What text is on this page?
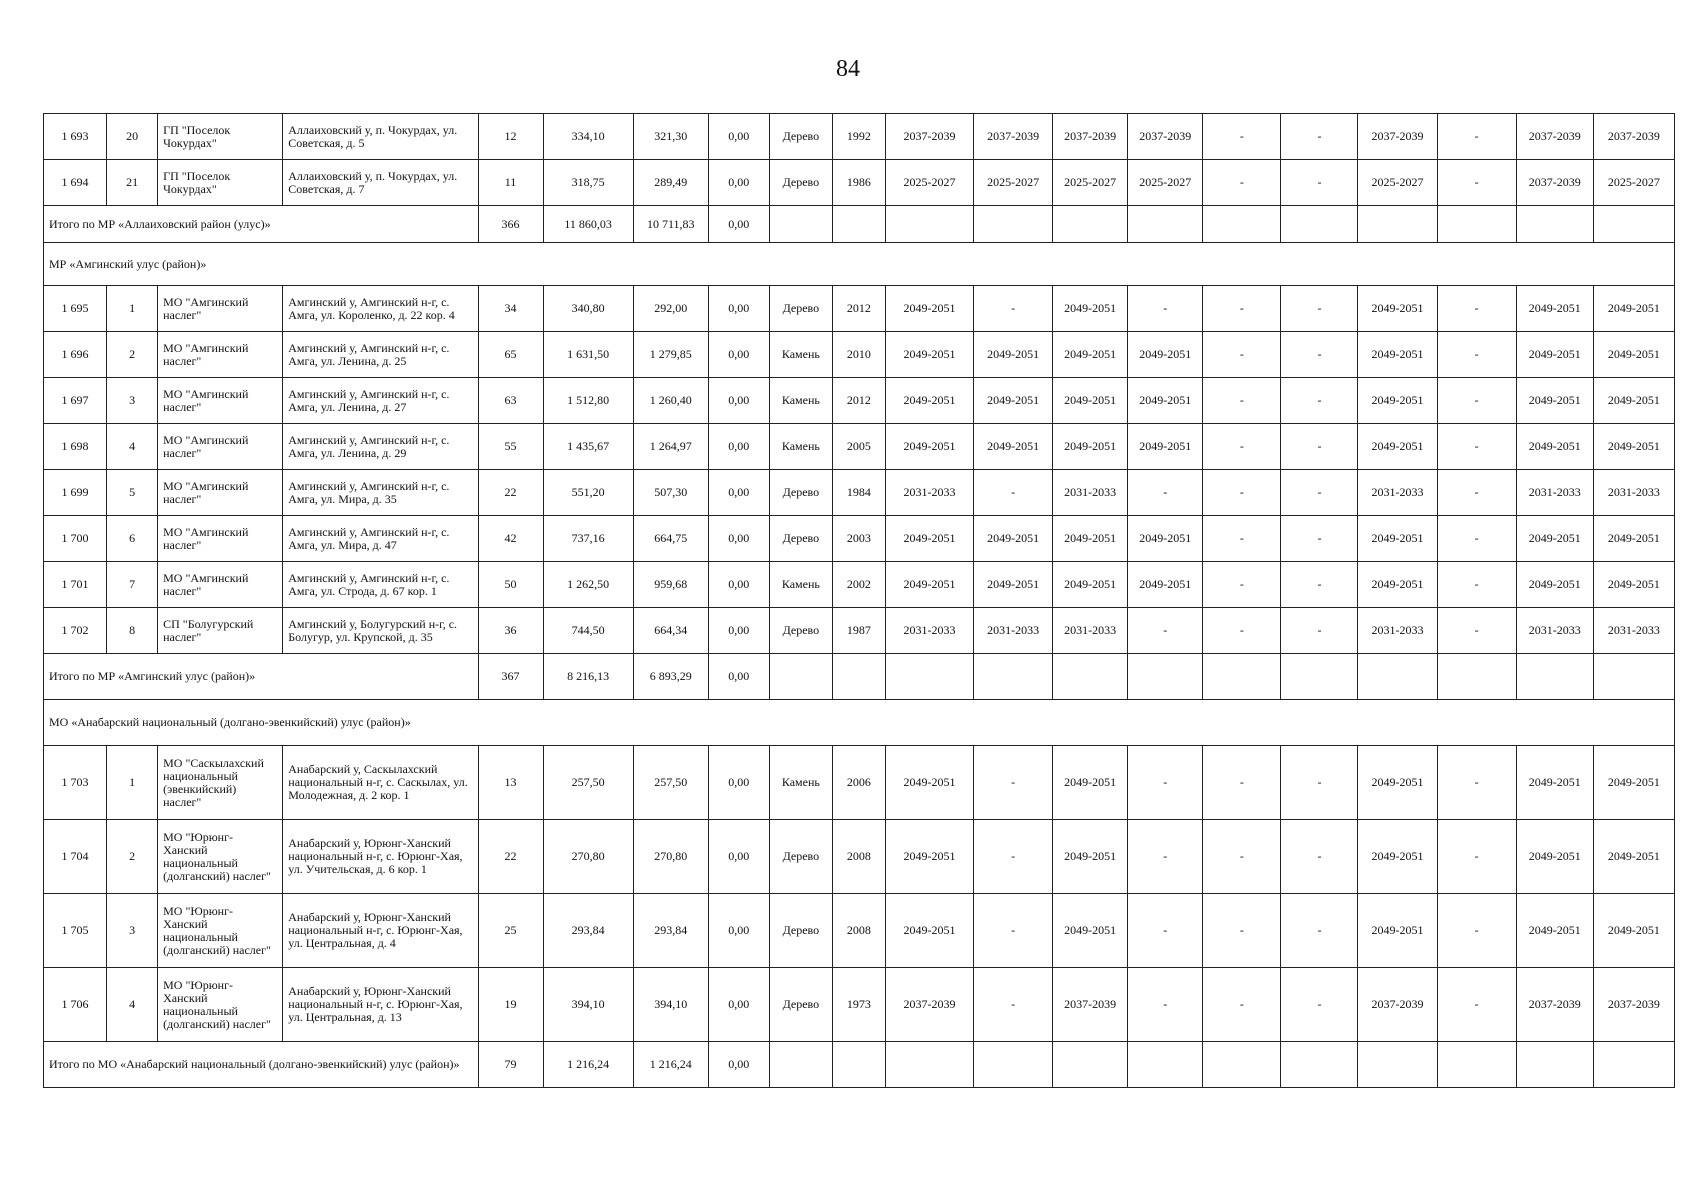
84
1 693	20	ГП "Поселок Чокурдах"	Аллаиховский у, п. Чокурдах, ул. Советская, д. 5	12	334,10	321,30	0,00	Дерево	1992	2037-2039	2037-2039	2037-2039	2037-2039	-	-	2037-2039	-	2037-2039	2037-2039
1 694	21	ГП "Поселок Чокурдах"	Аллаиховский у, п. Чокурдах, ул. Советская, д. 7	11	318,75	289,49	0,00	Дерево	1986	2025-2027	2025-2027	2025-2027	2025-2027	-	-	2025-2027	-	2037-2039	2025-2027
Итого по МР «Аллаиховский район (улус)»				366	11 860,03	10 711,83	0,00												
МР «Амгинский улус (район)»																			
1 695	1	МО "Амгинский наслег"	Амгинский у, Амгинский н-г, с. Амга, ул. Короленко, д. 22 кор. 4	34	340,80	292,00	0,00	Дерево	2012	2049-2051	-	2049-2051	-	-	-	2049-2051	-	2049-2051	2049-2051
1 696	2	МО "Амгинский наслег"	Амгинский у, Амгинский н-г, с. Амга, ул. Ленина, д. 25	65	1 631,50	1 279,85	0,00	Камень	2010	2049-2051	2049-2051	2049-2051	2049-2051	-	-	2049-2051	-	2049-2051	2049-2051
1 697	3	МО "Амгинский наслег"	Амгинский у, Амгинский н-г, с. Амга, ул. Ленина, д. 27	63	1 512,80	1 260,40	0,00	Камень	2012	2049-2051	2049-2051	2049-2051	2049-2051	-	-	2049-2051	-	2049-2051	2049-2051
1 698	4	МО "Амгинский наслег"	Амгинский у, Амгинский н-г, с. Амга, ул. Ленина, д. 29	55	1 435,67	1 264,97	0,00	Камень	2005	2049-2051	2049-2051	2049-2051	2049-2051	-	-	2049-2051	-	2049-2051	2049-2051
1 699	5	МО "Амгинский наслег"	Амгинский у, Амгинский н-г, с. Амга, ул. Мира, д. 35	22	551,20	507,30	0,00	Дерево	1984	2031-2033	-	2031-2033	-	-	-	2031-2033	-	2031-2033	2031-2033
1 700	6	МО "Амгинский наслег"	Амгинский у, Амгинский н-г, с. Амга, ул. Мира, д. 47	42	737,16	664,75	0,00	Дерево	2003	2049-2051	2049-2051	2049-2051	2049-2051	-	-	2049-2051	-	2049-2051	2049-2051
1 701	7	МО "Амгинский наслег"	Амгинский у, Амгинский н-г, с. Амга, ул. Строда, д. 67 кор. 1	50	1 262,50	959,68	0,00	Камень	2002	2049-2051	2049-2051	2049-2051	2049-2051	-	-	2049-2051	-	2049-2051	2049-2051
1 702	8	СП "Болугурский наслег"	Амгинский у, Болугурский н-г, с. Болугур, ул. Крупской, д. 35	36	744,50	664,34	0,00	Дерево	1987	2031-2033	2031-2033	2031-2033	-	-	-	2031-2033	-	2031-2033	2031-2033
Итого по МР «Амгинский улус (район)»				367	8 216,13	6 893,29	0,00												
МО «Анабарский национальный (долгано-эвенкийский) улус (район)»																			
1 703	1	МО "Саскылахский национальный (эвенкийский) наслег"	Анабарский у, Саскылахский национальный н-г, с. Саскылах, ул. Молодежная, д. 2 кор. 1	13	257,50	257,50	0,00	Камень	2006	2049-2051	-	2049-2051	-	-	-	2049-2051	-	2049-2051	2049-2051
1 704	2	МО "Юрюнг-Ханский национальный (долганский) наслег"	Анабарский у, Юрюнг-Ханский национальный н-г, с. Юрюнг-Хая, ул. Учительская, д. 6 кор. 1	22	270,80	270,80	0,00	Дерево	2008	2049-2051	-	2049-2051	-	-	-	2049-2051	-	2049-2051	2049-2051
1 705	3	МО "Юрюнг-Ханский национальный (долганский) наслег"	Анабарский у, Юрюнг-Ханский национальный н-г, с. Юрюнг-Хая, ул. Центральная, д. 4	25	293,84	293,84	0,00	Дерево	2008	2049-2051	-	2049-2051	-	-	-	2049-2051	-	2049-2051	2049-2051
1 706	4	МО "Юрюнг-Ханский национальный (долганский) наслег"	Анабарский у, Юрюнг-Ханский национальный н-г, с. Юрюнг-Хая, ул. Центральная, д. 13	19	394,10	394,10	0,00	Дерево	1973	2037-2039	-	2037-2039	-	-	-	2037-2039	-	2037-2039	2037-2039
Итого по МО «Анабарский национальный (долгано-эвенкийский) улус (район)»				79	1 216,24	1 216,24	0,00												
